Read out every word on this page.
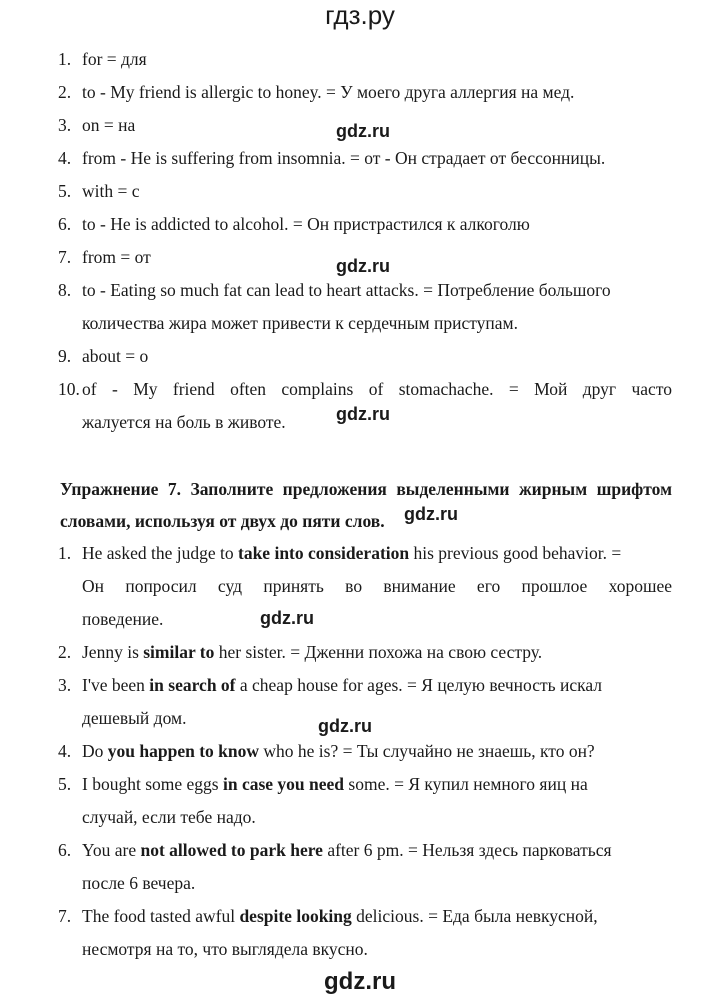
гдз.ру
1. for = для
2. to - My friend is allergic to honey. = У моего друга аллергия на мед.
3. on = на	gdz.ru
4. from - He is suffering from insomnia. = от - Он страдает от бессонницы.
5. with = с
6. to - He is addicted to alcohol. = Он пристрастился к алкоголю
7. from = от	gdz.ru
8. to - Eating so much fat can lead to heart attacks. = Потребление большого
количества жира может привести к сердечным приступам.
9. about = о
10. of - My friend often complains of stomachache. = Мой друг часто
жалуется на боль в животе.	gdz.ru
Упражнение 7. Заполните предложения выделенными жирным шрифтом
словами, используя от двух до пяти слов. gdz.ru
1. He asked the judge to take into consideration his previous good behavior. =
Он попросил суд принять во внимание его прошлое хорошее
поведение.	gdz.ru
2. Jenny is similar to her sister. = Дженни похожа на свою сестру.
3. I've been in search of a cheap house for ages. = Я целую вечность искал
дешевый дом.	gdz.ru
4. Do you happen to know who he is? = Ты случайно не знаешь, кто он?
5. I bought some eggs in case you need some. = Я купил немного яиц на
случай, если тебе надо.
6. You are not allowed to park here after 6 pm. = Нельзя здесь парковаться
после 6 вечера.
7. The food tasted awful despite looking delicious. = Еда была невкусной,
несмотря на то, что выглядела вкусно.
gdz.ru
